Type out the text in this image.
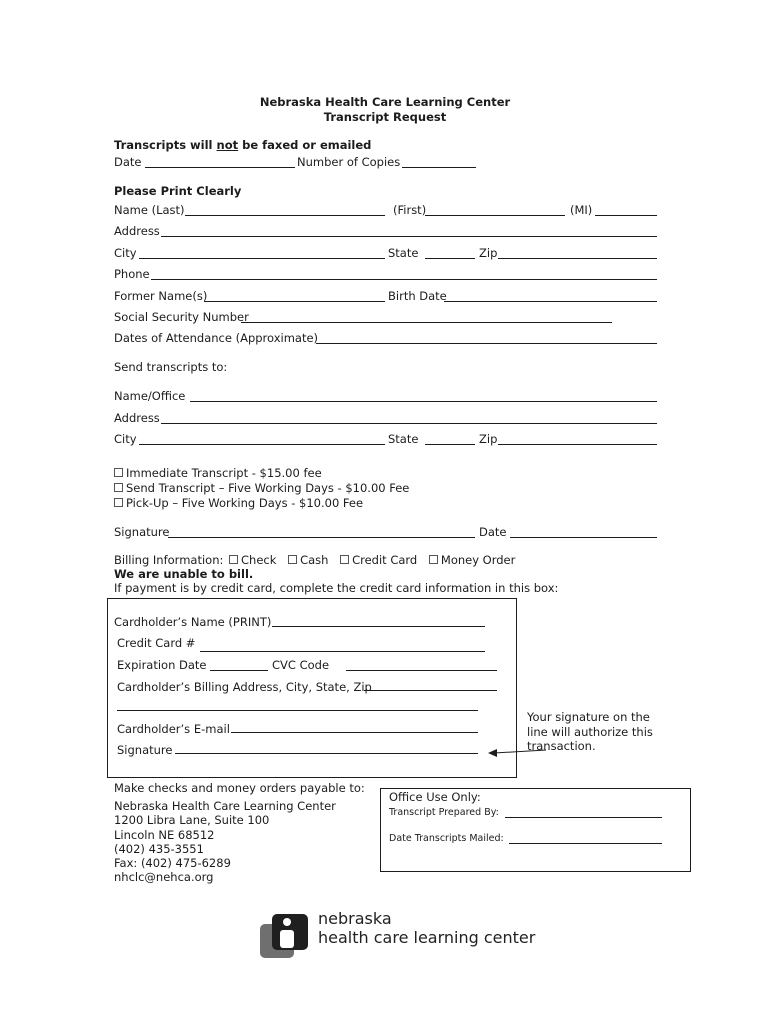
Nebraska Health Care Learning Center
Transcript Request
Transcripts will not be faxed or emailed
Date	Number of Copies
Please Print Clearly
Name (Last)	(First)	(MI)
Address
City	State	Zip
Phone
Former Name(s)	Birth Date
Social Security Number
Dates of Attendance (Approximate)
Send transcripts to:
Name/Office
Address
City	State	Zip
Immediate Transcript - $15.00 fee
Send Transcript – Five Working Days - $10.00 Fee
Pick-Up – Five Working Days - $10.00 Fee
Signature	Date
Billing Information: Check Cash Credit Card Money Order
We are unable to bill.
If payment is by credit card, complete the credit card information in this box:
Cardholder’s Name (PRINT)
Credit Card #
Expiration Date	CVC Code
Cardholder’s Billing Address, City, State, Zip
Cardholder’s E-mail
Signature
Your signature on the
line will authorize this
transaction.
Make checks and money orders payable to:
Nebraska Health Care Learning Center
1200 Libra Lane, Suite 100
Lincoln NE 68512
(402) 435-3551
Fax: (402) 475-6289
nhclc@nehca.org
Office Use Only:
Transcript Prepared By:
Date Transcripts Mailed:
nebraska
health care learning center
